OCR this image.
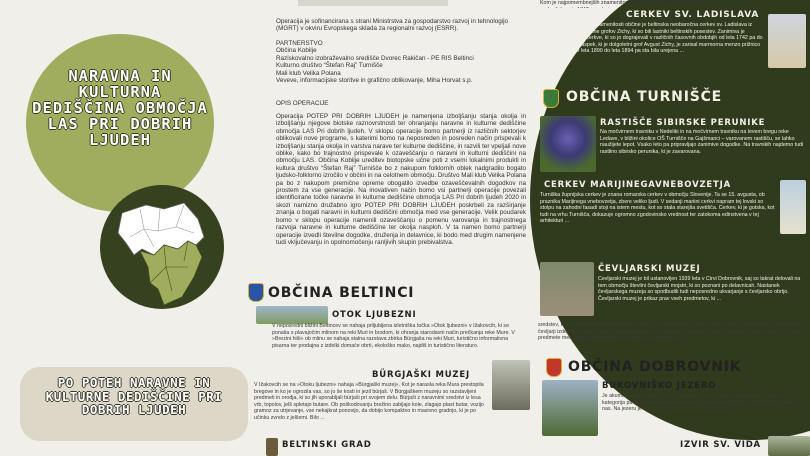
NARAVNA IN KULTURNA DEDIŠČINA OBMOČJA LAS PRI DOBRIH LJUDEH
PO POTEH NARAVNE IN KULTURNE DEDIŠČINE PRI DOBRIH LJUDEH
Operacija je sofinancirana s strani Ministrstva za gospodarstvo razvoj in tehnologijo (MGRT) v okviru Evropskega sklada za regionalni razvoj (ESRR).

PARTNERSTVO

Občina Kobilje

Raziskovalno izobraževalno središče Dvorec Rakičan - PE RIS Beltinci

Kulturno društvo “Štefan Raj” Turnišče

Mali klub Velika Polana

Veveve, informacijske storitve in grafično oblikovanje, Miha Horvat s.p.

OPIS OPERACIJE
Operacija POTEP PRI DOBRIH LJUDEH je namenjena izboljšanju stanja okolja in izboljšanju njegove biotske raznovrstnosti ter ohranjanju naravne in kulturne dediščine območja LAS Pri dobrih ljudeh. V sklopu operacije bomo partnerji iz različnih sektorjev oblikovali nove programe, s katerimi bomo na neposreden in posreden način prispevali k izboljšanju stanja okolja in varstva narave ter kulturne dediščine, in razvili ter vpeljali nove oblike, kako bo trajnostno prispevale k ozaveščanju o naravni in kulturni dediščini na območju LAS. Občina Kobilje ureditev biotopske učne poti z vsemi lokalnimi produkti in kultura društvo “Štefan Raj” Turnišče bo z nakupom folklornih oblek nadgradilo bogato ljudsko-folklorno izročilo v občini in na celotnem območju. Društvo Mali klub Velika Polana pa bo z nakupom premične opreme obogatilo izvedbe ozaveščevalnih dogodkov na prostem za vse generacije. Na inovativen način bomo vsi partnerji operacije povezali identificirane točke naravne in kulturne dediščine območja LAS Pri dobrih ljudeh 2020 in skozi namizno družabno igro POTEP PRI DOBRIH LJUDEH poskrbeli za razširjanje znanja o bogati naravni in kulturni dediščini območja med vse generacije. Velik poudarek bomo v sklopu operacije namenili ozaveščanju o pomenu varovanja in trajnostnega razvoja naravne in kulturne dediščine ter okolja nasploh. V ta namen bomo partnerji operacije izvedli številne dogodke, druženja in delavnice, ki bodo med drugim namenjene tudi vključevanju in opolnomočenju ranljivih skupin prebivalstva.
OBČINA BELTINCI
OTOK LJUBEZNI
V neposredni bližini Beltincev se nahaja priljubljena izletniška točka »Otok ljubezni« v Ižakovcih, ki se ponaša s plavajočim mlinom na reki Muri in brodom, ki ohranja starodavni način prečkanja reke Mure. V »Brezini hiši« ob mlinu se nahaja stalna razstava zbirka Bürgjaša na reki Muri, turistično informativna pisarna ter prodajna z izdelki domače obrti, ekološko mako, najdiš in turistično literaturo.
BÜRGJAŠKI MUZEJ
V Ižakovcih se na »Otoku ljubezni« nahaja »Bürgjaški muzej«. Kot je narasla reka Mura prestopila bregove in ko je ogrozila vas, so jo še kosti in jezil bürjaš. V Bürgjaškem muzeju so razstavljeni predmeti in orodja, ki so jih uporabljali bürjaši pri svojem delu. Bürjaši z naravnimi sredstvi iz lesa vrb, topolov, jelš spletajo butare. Ob poškodovanju brežino zabijajo kole, zlagajo plast butar, vozijo gramoz za utrjevanje, vse nekajkrat ponovijo, da dobijo kompaktno in masivno gradnjo, ki je po učinku zvrelo z jelšemi. Bilo ...
BELTINSKI GRAD
Kom je najpomembnejših znamenitosti občine je beltinska neobaročna cerkev
CERKEV SV. LADISLAVA
Ena najpomembnejših znamenitosti občine je beltinska neobaročna cerkev sv. Ladislava iz l.1742 z grobnico rodbine grofov Zichy, ki so bili lastniki beltinskih posestev. Zanimiva je kronologija gradnje cerkve, ki so jo dograjevali v različnih časovnih obdobjih od leta 1742 pa do leta 1895. Ivan Vraspek, ki je dolgoletni grof Avgust Zichy, je zarisal marmorna menzo prižnico in oltar, ki so ... v leta 1890 do leta 1894 pa sta bila urejena ...
OBČINA TURNIŠČE
RASTIŠČE SIBIRSKE PERUNIKE
Na močvirnem travniku v Nedeliki in na močvirnem travniku na levem bregu reke Ledave, v bližini okolice OŠ Turnišče na Gajšmanci – varovanem rastišču, se lahko naužijete lepot. Vsako leto pa pripravljajo zanimive dogodke. Na travnikih najdemo tudi rastlino sibirsko perunika, ki je zavarovana.
CERKEV MARIJINEGAVNEBOVZETJA
Turniška župnijska cerkev je znana romarska cerkev v območju Slovenije. Ta se 15. avgusta, ob praznika Marijinega vnebovzetja, zbere veliko ljudi. V sedanji mariini cerkvi napram tej lovski so stolpu na zahodni fasadi stoji na istem mestu, kot so stala starejša svetišča. Cerkev, ki je gotska, kot tudi na vrhu Turnišča, dokazuje ogromno zgodovinsko vrednost ter zatokoma edinstvena v tej arhitekturi ...
ČEVLJARSKI MUZEJ
Čevljarski muzej je bil ustanovljen 1939 leta v Čirvi Dobrovnik, saj so takrat delovali na tem območju številni čevljarski mojstri, ki so poznani po delavnicah. Nastanek čevljarskega muzeja so spodbudili tudi neposredno ukvarjanje s čevljarsko obrtjo. Čevljarski muzej je prikaz prav vseh predmetov, ki ...
sredstev, ki je bila podobna kot prodajnica muzej. V muzeju lahko vidite veliko orodja in pripomočkov s katerimi so čevljarji izdelovali svoje čevlje. V zamen muzeja so razstavljeni čevlji in strojki s katerimi so šivali čevlje, ter ostale predmete med lesene pripomočke za izdelovanje in pomoč pri ...
OBČINA DOBROVNIK
BUKOVNIŠKO JEZERO
Je akumulacijsko jezero, ki se na površini 8 ha. Jezero obdaja gozd, na območju kategorija pa ležeče: kategorijo se izvira 26 energetskih točk, ki blagodejno vplivajo na nas. Na jezeru je tudi možnost ribolova in kampiranja.
IZVIR SV. VIDA
